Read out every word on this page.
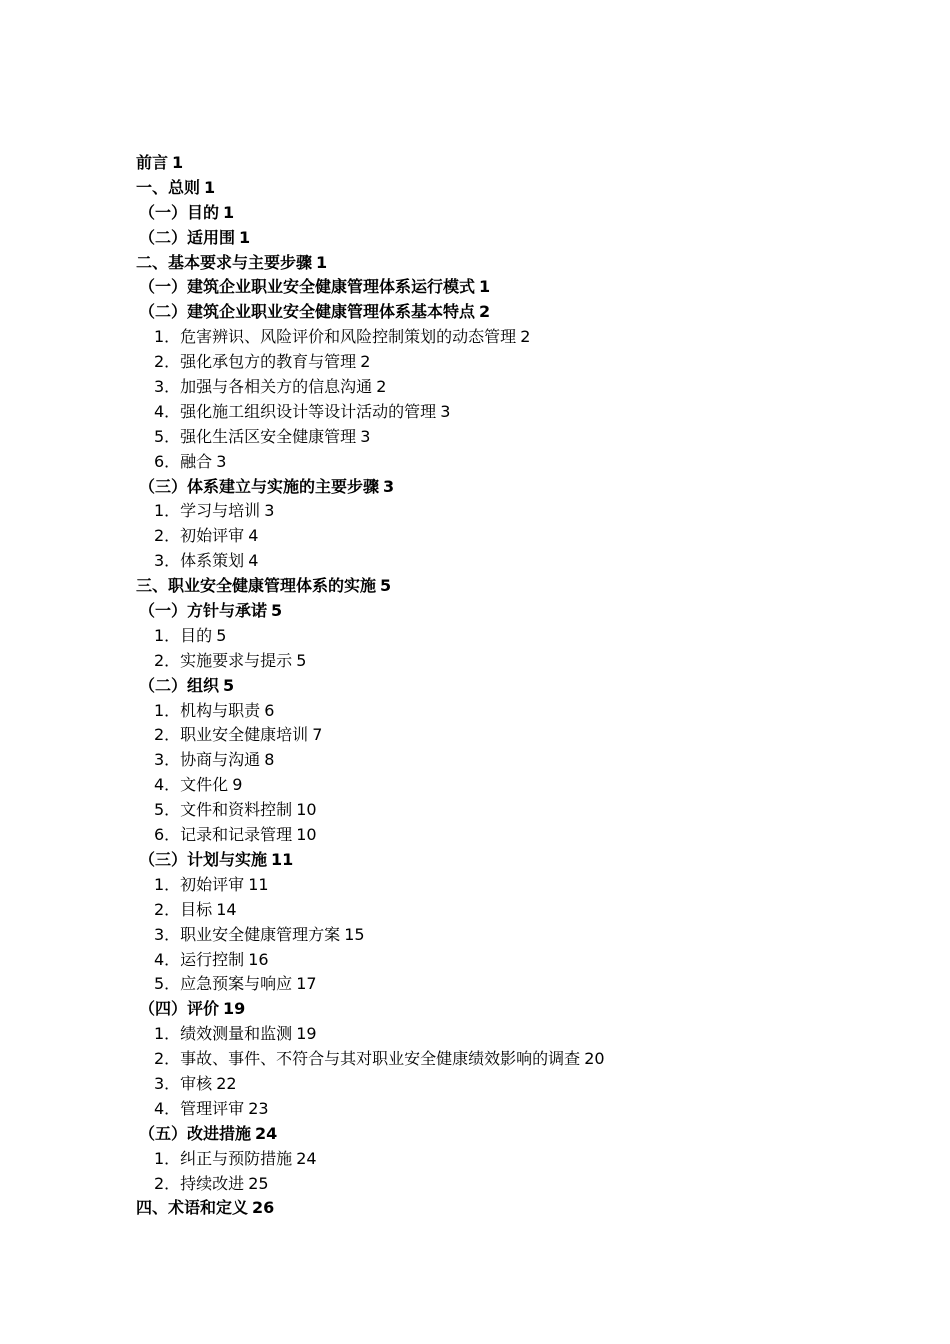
前言 1
一、总则 1
（一）目的 1
（二）适用围 1
二、基本要求与主要步骤 1
（一）建筑企业职业安全健康管理体系运行模式 1
（二）建筑企业职业安全健康管理体系基本特点 2
1．危害辨识、风险评价和风险控制策划的动态管理 2
2．强化承包方的教育与管理 2
3．加强与各相关方的信息沟通 2
4．强化施工组织设计等设计活动的管理 3
5．强化生活区安全健康管理 3
6．融合 3
（三）体系建立与实施的主要步骤 3
1．学习与培训 3
2．初始评审 4
3．体系策划 4
三、职业安全健康管理体系的实施 5
（一）方针与承诺 5
1．目的 5
2．实施要求与提示 5
（二）组织 5
1．机构与职责 6
2．职业安全健康培训 7
3．协商与沟通 8
4．文件化 9
5．文件和资料控制 10
6．记录和记录管理 10
（三）计划与实施 11
1．初始评审 11
2．目标 14
3．职业安全健康管理方案 15
4．运行控制 16
5．应急预案与响应 17
（四）评价 19
1．绩效测量和监测 19
2．事故、事件、不符合与其对职业安全健康绩效影响的调查 20
3．审核 22
4．管理评审 23
（五）改进措施 24
1．纠正与预防措施 24
2．持续改进 25
四、术语和定义 26
